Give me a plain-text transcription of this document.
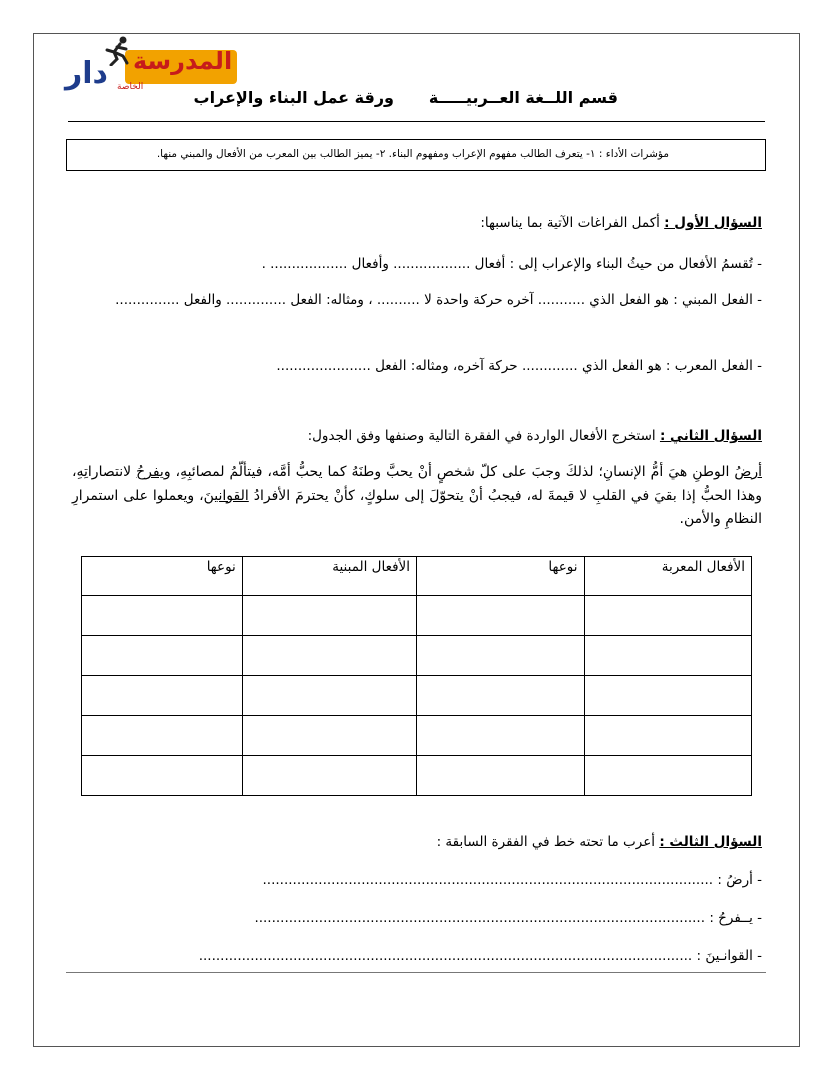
المدرسة
دار الخاصة
قسم اللــغة العــربيـــــة
ورقة عمل البناء والإعراب
مؤشرات الأداء : ١- يتعرف الطالب مفهوم الإعراب ومفهوم البناء. ٢- يميز الطالب بين المعرب من الأفعال والمبني منها.
السؤال الأول : أكمل الفراغات الآتية بما يناسبها:
- تُقسمُ الأفعال من حيثُ البناء والإعراب إلى : أفعال .................. وأفعال .................. .
- الفعل المبني : هو الفعل الذي ........... آخره حركة واحدة لا .......... ، ومثاله: الفعل .............. والفعل ...............
- الفعل المعرب : هو الفعل الذي ............. حركة آخره، ومثاله: الفعل ......................
السؤال الثاني : استخرج الأفعال الواردة في الفقرة التالية وصنفها وفق الجدول:
أرضُ الوطنِ هيَ أمُّ الإنسانِ؛ لذلكَ وجبَ على كلّ شخصٍ أنْ يحبَّ وطنَهُ كما يحبُّ أمَّه، فيتألّمُ لمصائبِهِ، ويفرحُ لانتصاراتِهِ، وهذا الحبُّ إذا بقيَ في القلبِ لا قيمةَ له، فيجبُ أنْ يتحوّلَ إلى سلوكٍ، كأنْ يحترمَ الأفرادُ القوانينَ، ويعملوا على استمرارِ النظامِ والأمن.
الأفعال المعربة	نوعها	الأفعال المبنية	نوعها

السؤال الثالث : أعرب ما تحته خط في الفقرة السابقة :
- أرضُ : .........................................................................................................
- يــفرحُ : .........................................................................................................
- القوانـينَ : ...................................................................................................................
